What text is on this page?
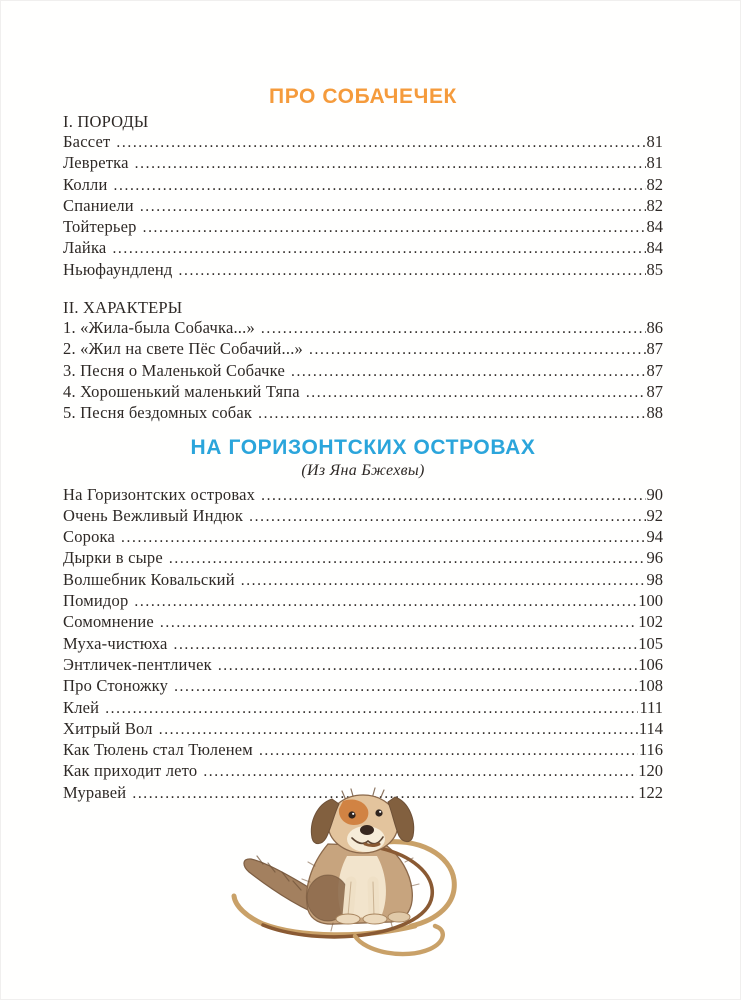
ПРО СОБАЧЕЧЕК
I. ПОРОДЫ
Бассет .....	81
Левретка .....	81
Колли .....	82
Спаниели .....	82
Тойтерьер .....	84
Лайка .....	84
Ньюфаундленд .....	85
II. ХАРАКТЕРЫ
1. «Жила-была Собачка...» .....	86
2. «Жил на свете Пёс Собачий...» .....	87
3. Песня о Маленькой Собачке .....	87
4. Хорошенький маленький Тяпа .....	87
5. Песня бездомных собак .....	88
НА ГОРИЗОНТСКИХ ОСТРОВАХ
(Из Яна Бжехвы)
На Горизонтских островах .....	90
Очень Вежливый Индюк .....	92
Сорока .....	94
Дырки в сыре .....	96
Волшебник Ковальский .....	98
Помидор .....	100
Сомомнение .....	102
Муха-чистюха .....	105
Энтличек-пентличек .....	106
Про Стоножку .....	108
Клей .....	111
Хитрый Вол .....	114
Как Тюлень стал Тюленем .....	116
Как приходит лето .....	120
Муравей .....	122
